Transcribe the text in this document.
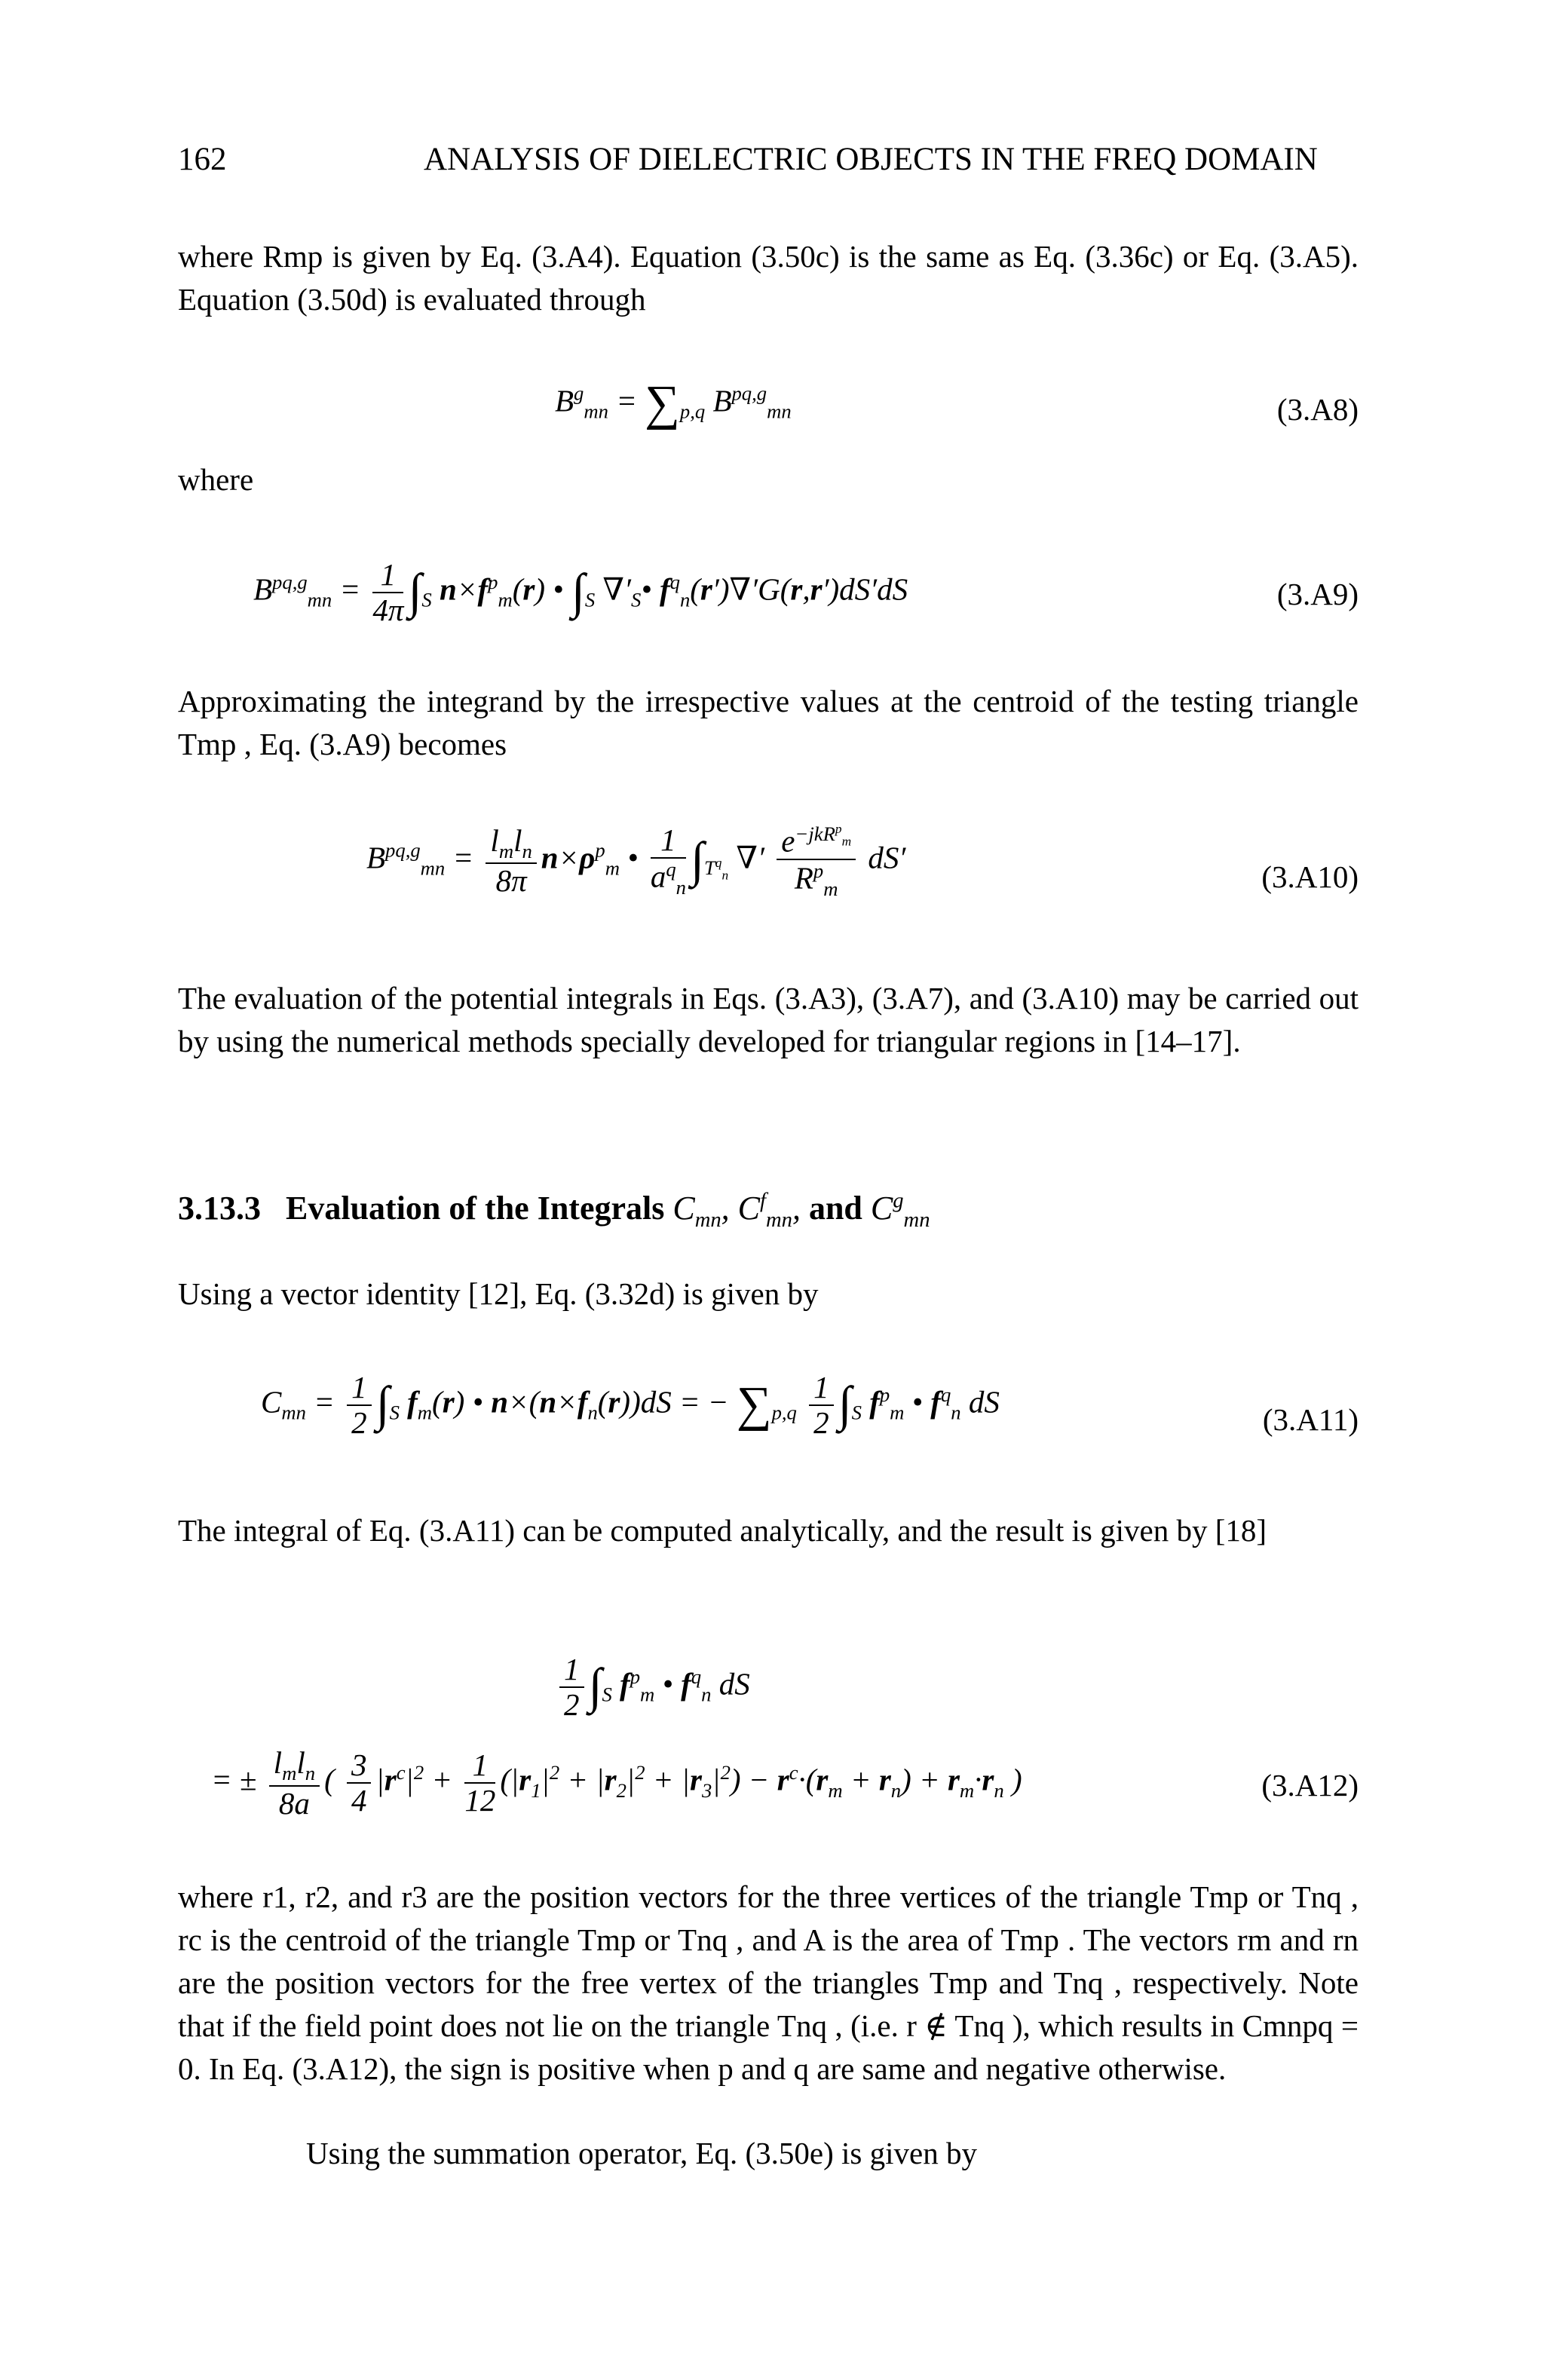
162	ANALYSIS OF DIELECTRIC OBJECTS IN THE FREQ DOMAIN
where Rmp is given by Eq. (3.A4). Equation (3.50c) is the same as Eq. (3.36c) or Eq. (3.A5). Equation (3.50d) is evaluated through
$B^g_{mn} = \sum_{p,q}$ $B^{pq,g}_{mn}$	(3.A8)
where
$B^{pq,g}_{mn} = \frac{1}{4\pi} \int_S$ $n\times f^p_m(r)$ • $\int_S$ $\nabla'_S•$ $f^q_n(r')\nabla'G(r,r')dS'dS$	(3.A9)
Approximating the integrand by the irrespective values at the centroid of the testing triangle Tmp , Eq. (3.A9) becomes
$B^{pq,g}_{mn} = \frac{l_ml_n}{8\pi} n\times\rho^p_m$ • $\frac{1}{a^q_n} \int_{T^q_n}$ ∇′ $\frac{e^{-jkR^p_m}}{R^p_m} dS'$
(3.A10)
The evaluation of the potential integrals in Eqs. (3.A3), (3.A7), and (3.A10) may be carried out by using the numerical methods specially developed for triangular regions in [14–17].
3.13.3 Evaluation of the Integrals $C_{mn}$, $C^f_{mn}$, and $C^g_{mn}$
Using a vector identity [12], Eq. (3.32d) is given by
$C_{mn} = \frac{1}{2} \int_S$ $f_m(r)$ • $n\times(n\times f_n(r))dS$ = − $\sum_{p,q} \frac{1}{2} \int_S$ $f^p_m$ • $f^q_n$ dS
(3.A11)
The integral of Eq. (3.A11) can be computed analytically, and the result is given by [18]
$\frac{1}{2} \int_S$ $f^p_m$ • $f^q_n$ dS
= ± $\frac{l_ml_n}{8a}$ ( $\frac{3}{4} |r^c|^2 + \frac{1}{12} (|r_1|^2 + |r_2|^2 + |r_3|^2) - r^c\cdot(r_m + r_n) + r_m\cdot r_n$ )	(3.A12)
where r1, r2, and r3 are the position vectors for the three vertices of the triangle Tmp or Tnq , rc is the centroid of the triangle Tmp or Tnq , and A is the area of Tmp . The vectors rm and rn are the position vectors for the free vertex of the triangles Tmp and Tnq , respectively. Note that if the field point does not lie on the triangle Tnq , (i.e. r ∉ Tnq ), which results in Cmnpq = 0. In Eq. (3.A12), the sign is positive when p and q are same and negative otherwise.
Using the summation operator, Eq. (3.50e) is given by
